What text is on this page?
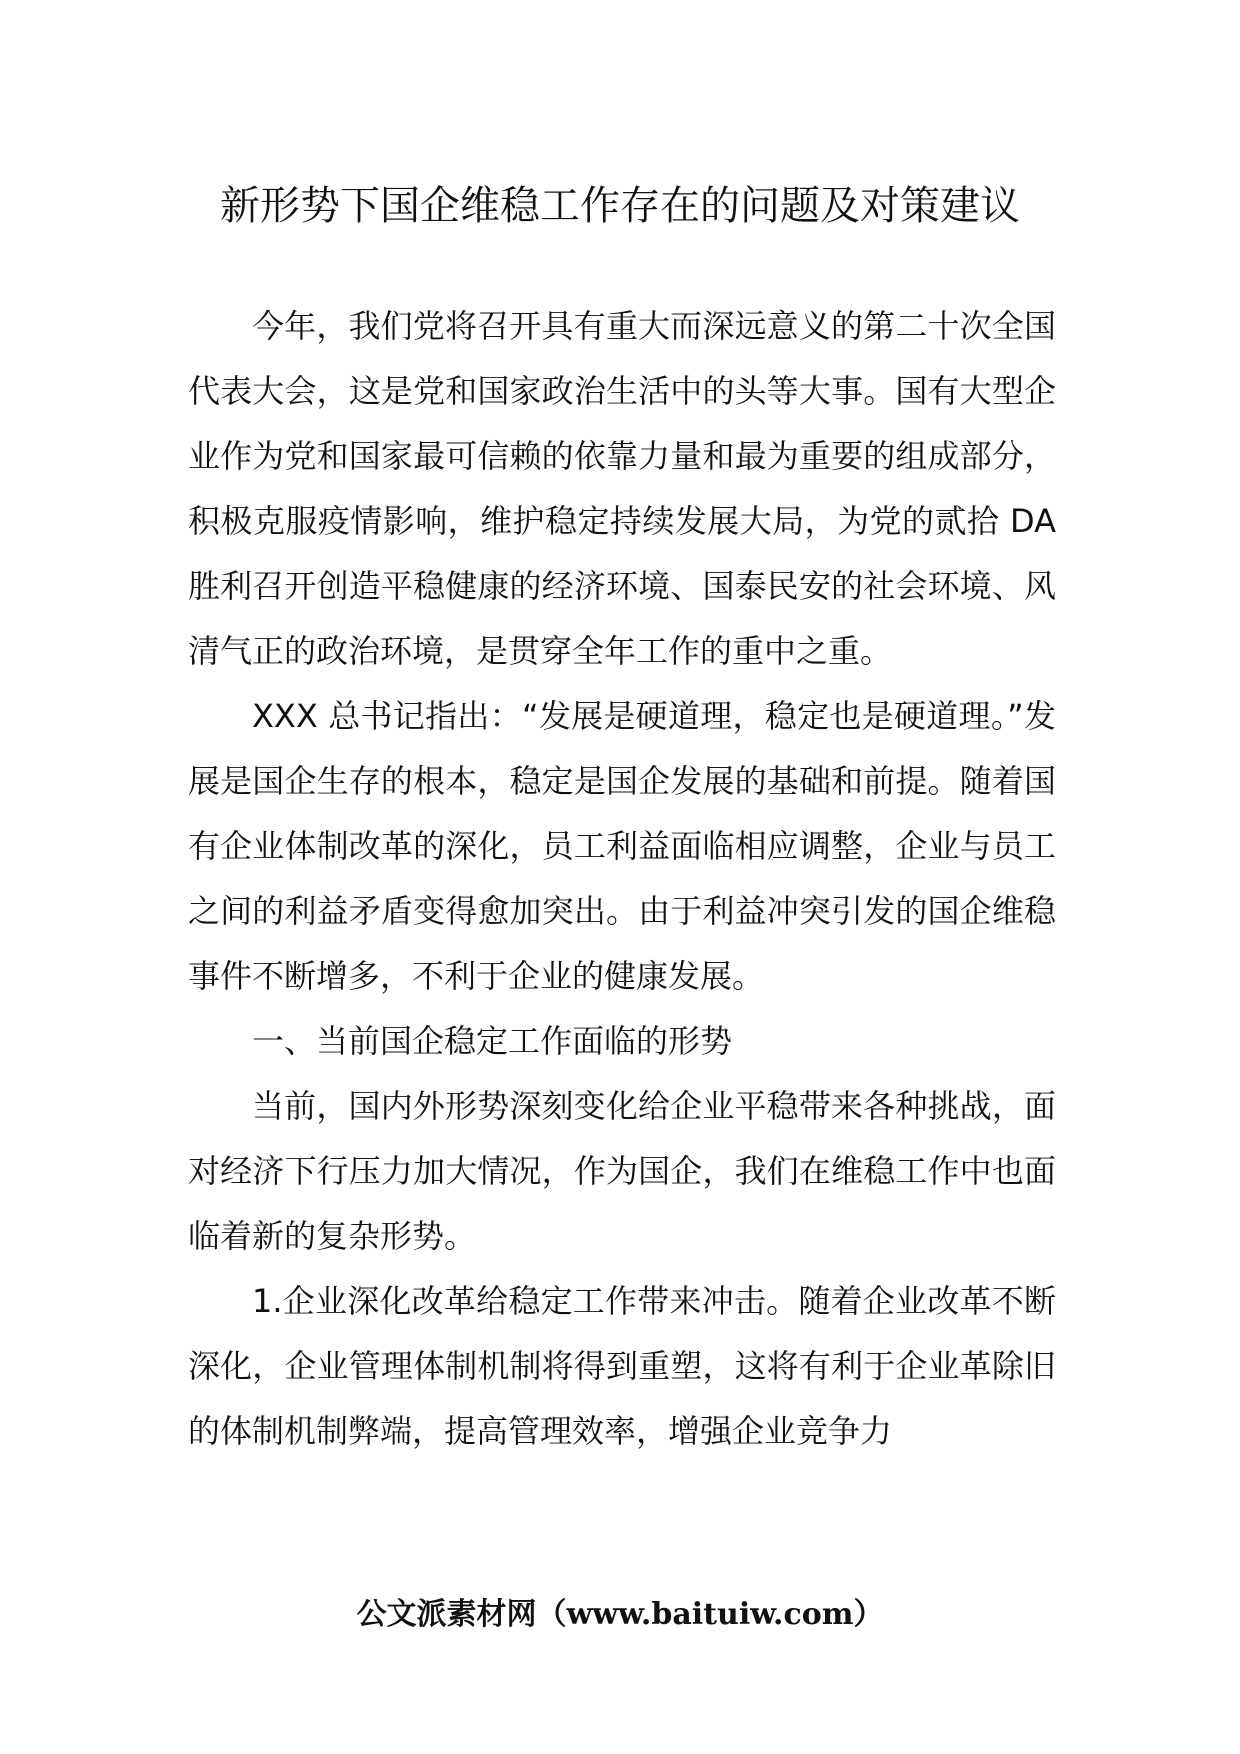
新形势下国企维稳工作存在的问题及对策建议

今年，我们党将召开具有重大而深远意义的第二十次全国代表大会，这是党和国家政治生活中的头等大事。国有大型企业作为党和国家最可信赖的依靠力量和最为重要的组成部分，积极克服疫情影响，维护稳定持续发展大局，为党的贰拾 DA 胜利召开创造平稳健康的经济环境、国泰民安的社会环境、风清气正的政治环境，是贯穿全年工作的重中之重。

XXX 总书记指出：“发展是硬道理，稳定也是硬道理。”发展是国企生存的根本，稳定是国企发展的基础和前提。随着国有企业体制改革的深化，员工利益面临相应调整，企业与员工之间的利益矛盾变得愈加突出。由于利益冲突引发的国企维稳事件不断增多，不利于企业的健康发展。

一、当前国企稳定工作面临的形势

当前，国内外形势深刻变化给企业平稳带来各种挑战，面对经济下行压力加大情况，作为国企，我们在维稳工作中也面临着新的复杂形势。

1.企业深化改革给稳定工作带来冲击。随着企业改革不断深化，企业管理体制机制将得到重塑，这将有利于企业革除旧的体制机制弊端，提高管理效率，增强企业竞争力

公文派素材网（www.baituiw.com）
